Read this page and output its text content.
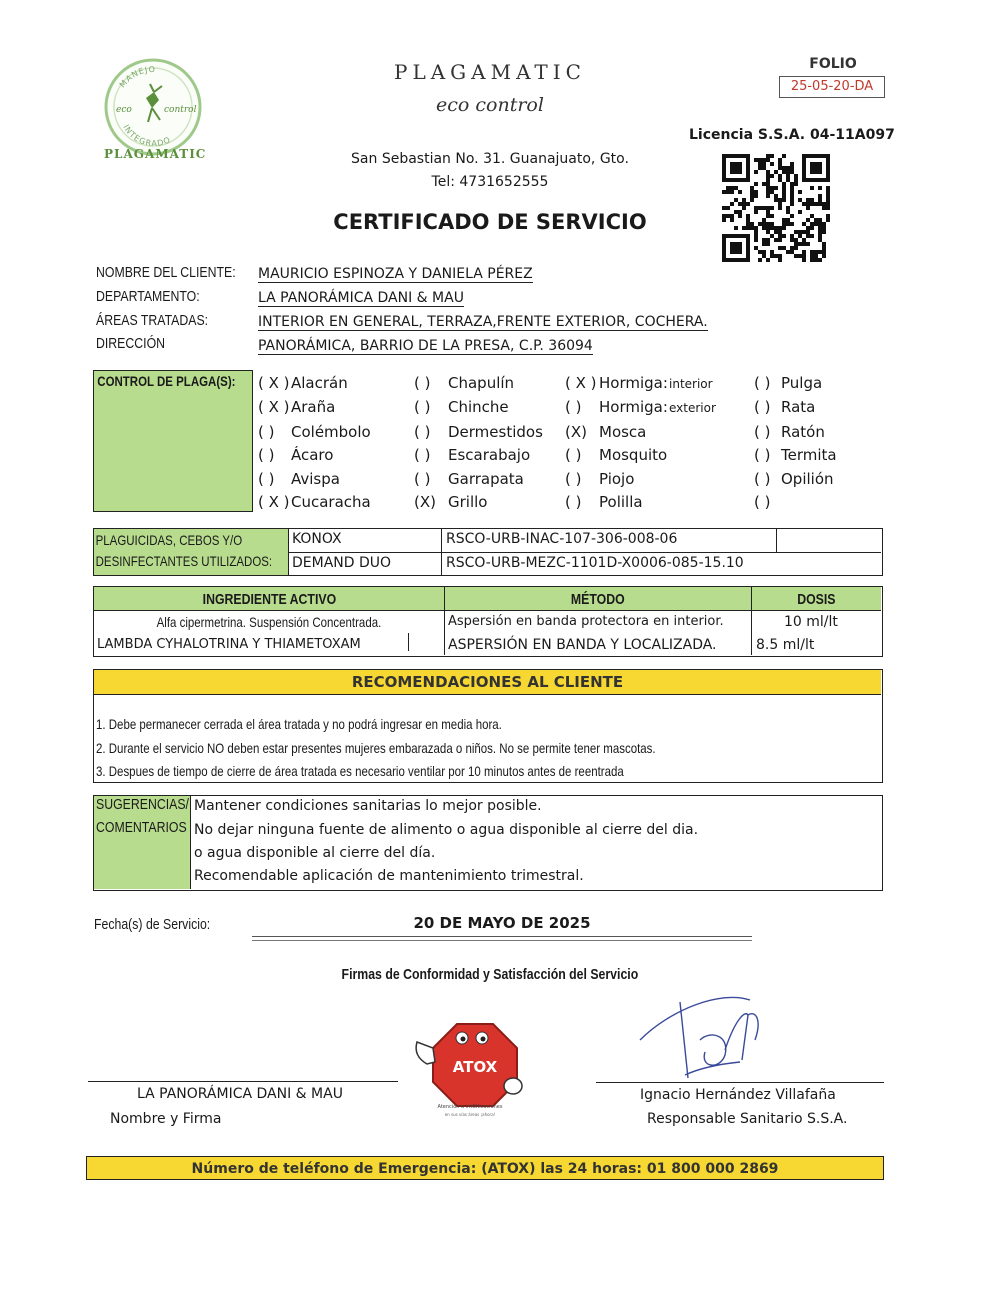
MANEJO
INTEGRADO
eco	control
PLAGAMATIC
PLAGAMATIC
eco control
San Sebastian No. 31. Guanajuato, Gto.
Tel: 4731652555
CERTIFICADO DE SERVICIO
FOLIO
25-05-20-DA
Licencia S.S.A. 04-11A097
NOMBRE DEL CLIENTE: MAURICIO ESPINOZA Y DANIELA PÉREZ
DEPARTAMENTO:	LA PANORÁMICA DANI & MAU
ÁREAS TRATADAS:	INTERIOR EN GENERAL, TERRAZA,FRENTE EXTERIOR, COCHERA.
DIRECCIÓN	PANORÁMICA, BARRIO DE LA PRESA, C.P. 36094
CONTROL DE PLAGA(S):	( X ) Alacrán
( X ) Araña
( ) Colémbolo
( ) Ácaro
( ) Avispa
( X ) Cucaracha
( ) Chapulín
( ) Chinche
( ) Dermestidos
( ) Escarabajo
( ) Garrapata
(X) Grillo
( X ) Hormiga: interior
( ) Hormiga: exterior
(X) Mosca
( ) Mosquito
( ) Piojo
( ) Polilla
( ) Pulga
( ) Rata
( ) Ratón
( ) Termita
( ) Opilión
( )
PLAGUICIDAS, CEBOS Y/O
DESINFECTANTES UTILIZADOS:
KONOX	RSCO-URB-INAC-107-306-008-06
DEMAND DUO	RSCO-URB-MEZC-1101D-X0006-085-15.10
INGREDIENTE ACTIVO	MÉTODO	DOSIS
Alfa cipermetrina. Suspensión Concentrada.	Aspersión en banda protectora en interior.	10 ml/lt
LAMBDA CYHALOTRINA Y THIAMETOXAM	ASPERSIÓN EN BANDA Y LOCALIZADA.	8.5 ml/lt
RECOMENDACIONES AL CLIENTE
1. Debe permanecer cerrada el área tratada y no podrá ingresar en media hora.
2. Durante el servicio NO deben estar presentes mujeres embarazada o niños. No se permite tener mascotas.
3. Despues de tiempo de cierre de área tratada es necesario ventilar por 10 minutos antes de reentrada
SUGERENCIAS/
COMENTARIOS
Mantener condiciones sanitarias lo mejor posible.
No dejar ninguna fuente de alimento o agua disponible al cierre del dia.
o agua disponible al cierre del día.
Recomendable aplicación de mantenimiento trimestral.
Fecha(s) de Servicio:	20 DE MAYO DE 2025
Firmas de Conformidad y Satisfacción del Servicio
LA PANORÁMICA DANI & MAU
Nombre y Firma
ATOX
Atención a intOXicaciones
en sus vías áreas ¡ahora!
Ignacio Hernández Villafaña
Responsable Sanitario S.S.A.
Número de teléfono de Emergencia: (ATOX) las 24 horas: 01 800 000 2869
